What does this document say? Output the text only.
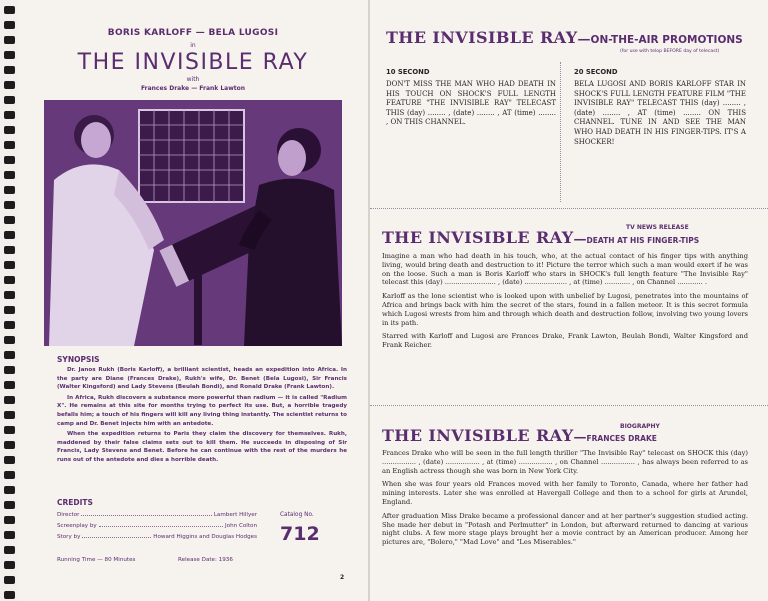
BORIS KARLOFF — BELA LUGOSI
in
THE INVISIBLE RAY
with
Frances Drake — Frank Lawton
SYNOPSIS

Dr. Janos Rukh (Boris Karloff), a brilliant scientist, heads an expedition into Africa. In the party are Diane (Frances Drake), Rukh's wife, Dr. Benet (Bela Lugosi), Sir Francis (Walter Kingsford) and Lady Stevens (Beulah Bondi), and Ronald Drake (Frank Lawton).

In Africa, Rukh discovers a substance more powerful than radium — it is called "Radium X". He remains at this site for months trying to perfect its use. But, a horrible tragedy befalls him; a touch of his fingers will kill any living thing instantly. The scientist returns to camp and Dr. Benet injects him with an antedote.

When the expedition returns to Paris they claim the discovery for themselves. Rukh, maddened by their false claims sets out to kill them. He succeeds in disposing of Sir Francis, Lady Stevens and Benet. Before he can continue with the rest of the murders he runs out of the antedote and dies a horrible death.

CREDITS
Director	Lambert Hillyer
Screenplay by	John Colton
Story by	Howard Higgins and Douglas Hodges
Catalog No.
712
Running Time — 80 Minutes	Release Date: 1936
2
THE INVISIBLE RAY—ON-THE-AIR PROMOTIONS
(for use with telop BEFORE day of telecast)
10 SECOND
DON'T MISS THE MAN WHO HAD DEATH IN HIS TOUCH ON SHOCK'S FULL LENGTH FEATURE "THE INVISIBLE RAY" TELECAST THIS (day) ........ , (date) ........ , AT (time) ........ , ON THIS CHANNEL.
20 SECOND
BELA LUGOSI AND BORIS KARLOFF STAR IN SHOCK'S FULL LENGTH FEATURE FILM "THE INVISIBLE RAY" TELECAST THIS (day) ........ , (date) ........ , AT (time) ........ ON THIS CHANNEL. TUNE IN AND SEE THE MAN WHO HAD DEATH IN HIS FINGER-TIPS. IT'S A SHOCKER!
TV NEWS RELEASE
THE INVISIBLE RAY—DEATH AT HIS FINGER-TIPS

Imagine a man who had death in his touch, who, at the actual contact of his finger tips with anything living, would bring death and destruction to it! Picture the terror which such a man would exert if he was on the loose. Such a man is Boris Karloff who stars in SHOCK's full length feature "The Invisible Ray" telecast this (day) ........................ , (date) .................... , at (time) ............ , on Channel ............ .

Karloff as the lone scientist who is looked upon with unbelief by Lugosi, penetrates into the mountains of Africa and brings back with him the secret of the stars, found in a fallen meteor. It is this secret formula which Lugosi wrests from him and through which death and destruction follow, involving two young lovers in its path.

Starred with Karloff and Lugosi are Frances Drake, Frank Lawton, Beulah Bondi, Walter Kingsford and Frank Reicher.

BIOGRAPHY
THE INVISIBLE RAY—FRANCES DRAKE

Frances Drake who will be seen in the full length thriller "The Invisible Ray" telecast on SHOCK this (day) ................ , (date) ................ , at (time) ................ , on Channel ................ , has always been referred to as an English actress though she was born in New York City.

When she was four years old Frances moved with her family to Toronto, Canada, where her father had mining interests. Later she was enrolled at Havergall College and then to a school for girls at Arundel, England.

After graduation Miss Drake became a professional dancer and at her partner's suggestion studied acting. She made her debut in "Potash and Perlmutter" in London, but afterward returned to dancing at various night clubs. A few more stage plays brought her a movie contract by an American producer. Among her pictures are, "Bolero," "Mad Love" and "Les Miserables."
